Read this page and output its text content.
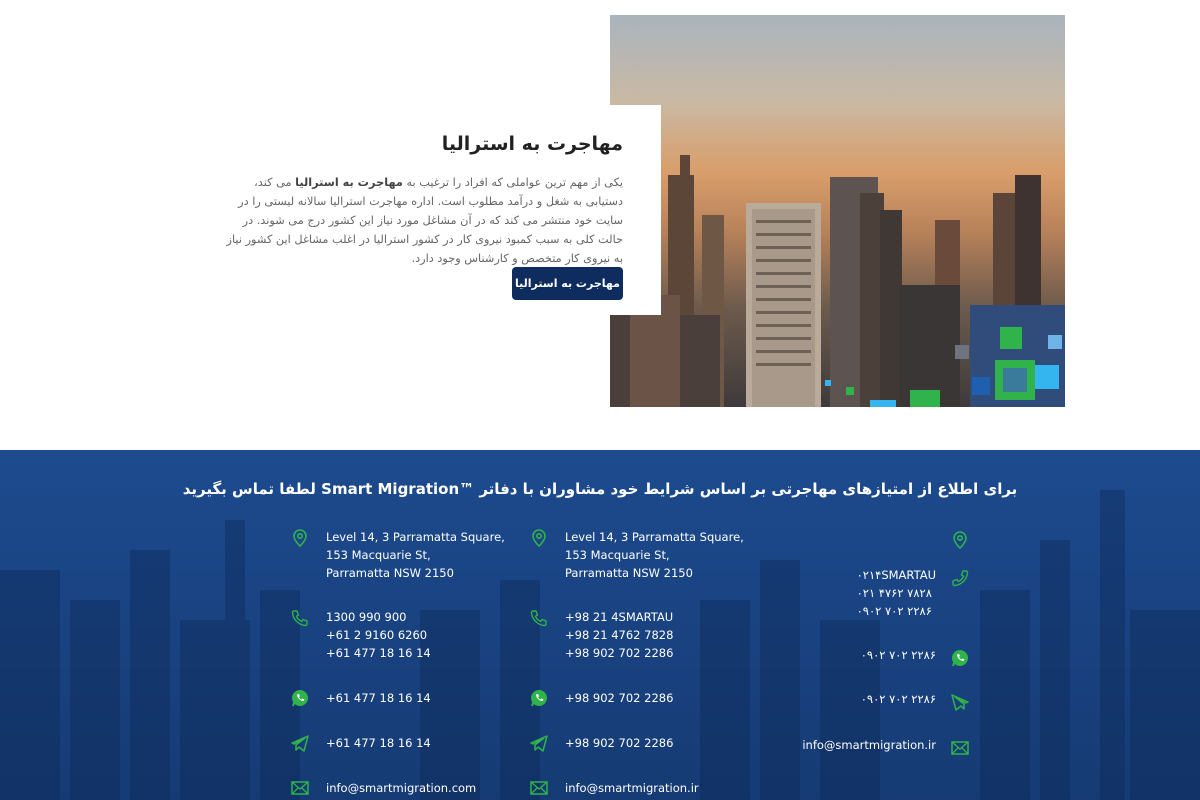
مهاجرت به استرالیا

یکی از مهم ترین عواملی که افراد را ترغیب به مهاجرت به استرالیا می کند، دستیابی به شغل و درآمد مطلوب است. اداره مهاجرت استرالیا سالانه لیستی را در سایت خود منتشر می کند که در آن مشاغل مورد نیاز این کشور درج می شوند. در حالت کلی به سبب کمبود نیروی کار در کشور استرالیا در اغلب مشاغل این کشور نیاز به نیروی کار متخصص و کارشناس وجود دارد.

مهاجرت به استرالیا
برای اطلاع از امتیازهای مهاجرتی بر اساس شرایط خود مشاوران با دفاتر ™Smart Migration لطفا تماس بگیرید
Level 14, 3 Parramatta Square,
153 Macquarie St,
Parramatta NSW 2150
1300 990 900
+61 2 9160 6260
+61 477 18 16 14
+61 477 18 16 14
+61 477 18 16 14
info@smartmigration.com
Level 14, 3 Parramatta Square,
153 Macquarie St,
Parramatta NSW 2150
+98 21 4SMARTAU
+98 21 4762 7828
+98 902 702 2286
+98 902 702 2286
+98 902 702 2286
info@smartmigration.ir
۰۲۱۴SMARTAU
۰۲۱ ۴۷۶۲ ۷۸۲۸
۰۹۰۲ ۷۰۲ ۲۲۸۶
۰۹۰۲ ۷۰۲ ۲۲۸۶
۰۹۰۲ ۷۰۲ ۲۲۸۶
info@smartmigration.ir
